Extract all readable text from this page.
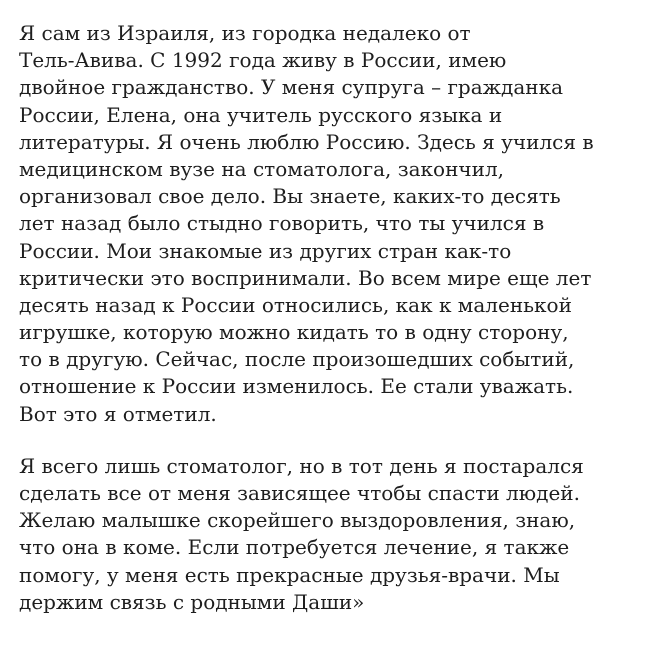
Я сам из Израиля, из городка недалеко от
Тель-Авива. С 1992 года живу в России, имею
двойное гражданство. У меня супруга – гражданка
России, Елена, она учитель русского языка и
литературы. Я очень люблю Россию. Здесь я учился в
медицинском вузе на стоматолога, закончил,
организовал свое дело. Вы знаете, каких-то десять
лет назад было стыдно говорить, что ты учился в
России. Мои знакомые из других стран как-то
критически это воспринимали. Во всем мире еще лет
десять назад к России относились, как к маленькой
игрушке, которую можно кидать то в одну сторону,
то в другую. Сейчас, после произошедших событий,
отношение к России изменилось. Ее стали уважать.
Вот это я отметил.
Я всего лишь стоматолог, но в тот день я постарался
сделать все от меня зависящее чтобы спасти людей.
Желаю малышке скорейшего выздоровления, знаю,
что она в коме. Если потребуется лечение, я также
помогу, у меня есть прекрасные друзья-врачи. Мы
держим связь с родными Даши»
